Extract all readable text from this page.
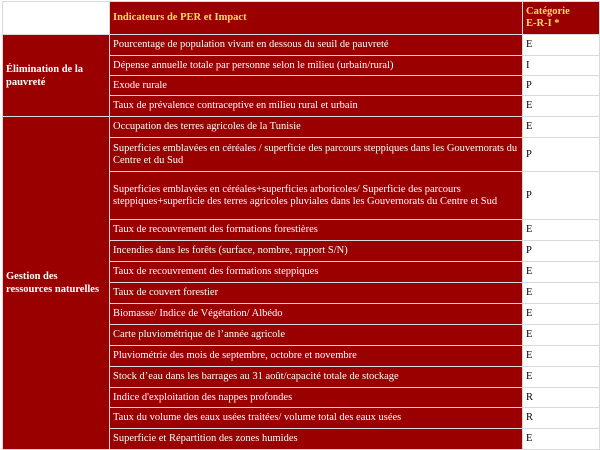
	Indicateurs de PER et Impact	Catégorie
E-R-I *
Élimination de la pauvreté	Pourcentage de population vivant en dessous du seuil de pauvreté	E
	Dépense annuelle totale par personne selon le milieu (urbain/rural)	I
	Exode rurale	P
	Taux de prévalence contraceptive en milieu rural et urbain	E
Gestion des ressources naturelles	Occupation des terres agricoles de la Tunisie	E
	Superficies emblavées en céréales / superficie des parcours steppiques dans les Gouvernorats du Centre et du Sud	P
	Superficies emblavées en céréales+superficies arboricoles/ Superficie des parcours steppiques+superficie des terres agricoles pluviales dans les Gouvernorats du Centre et Sud	P
	Taux de recouvrement des formations forestières	E
	Incendies dans les forêts (surface, nombre, rapport S/N)	P
	Taux de recouvrement des formations steppiques	E
	Taux de couvert forestier	E
	Biomasse/ Indice de Végétation/ Albédo	E
	Carte pluviométrique de l’année agricole	E
	Pluviométrie des mois de septembre, octobre et novembre	E
	Stock d’eau dans les barrages au 31 août/capacité totale de stockage	E
	Indice d'exploitation des nappes profondes	R
	Taux du volume des eaux usées traitées/ volume total des eaux usées	R
	Superficie et Répartition des zones humides	E
